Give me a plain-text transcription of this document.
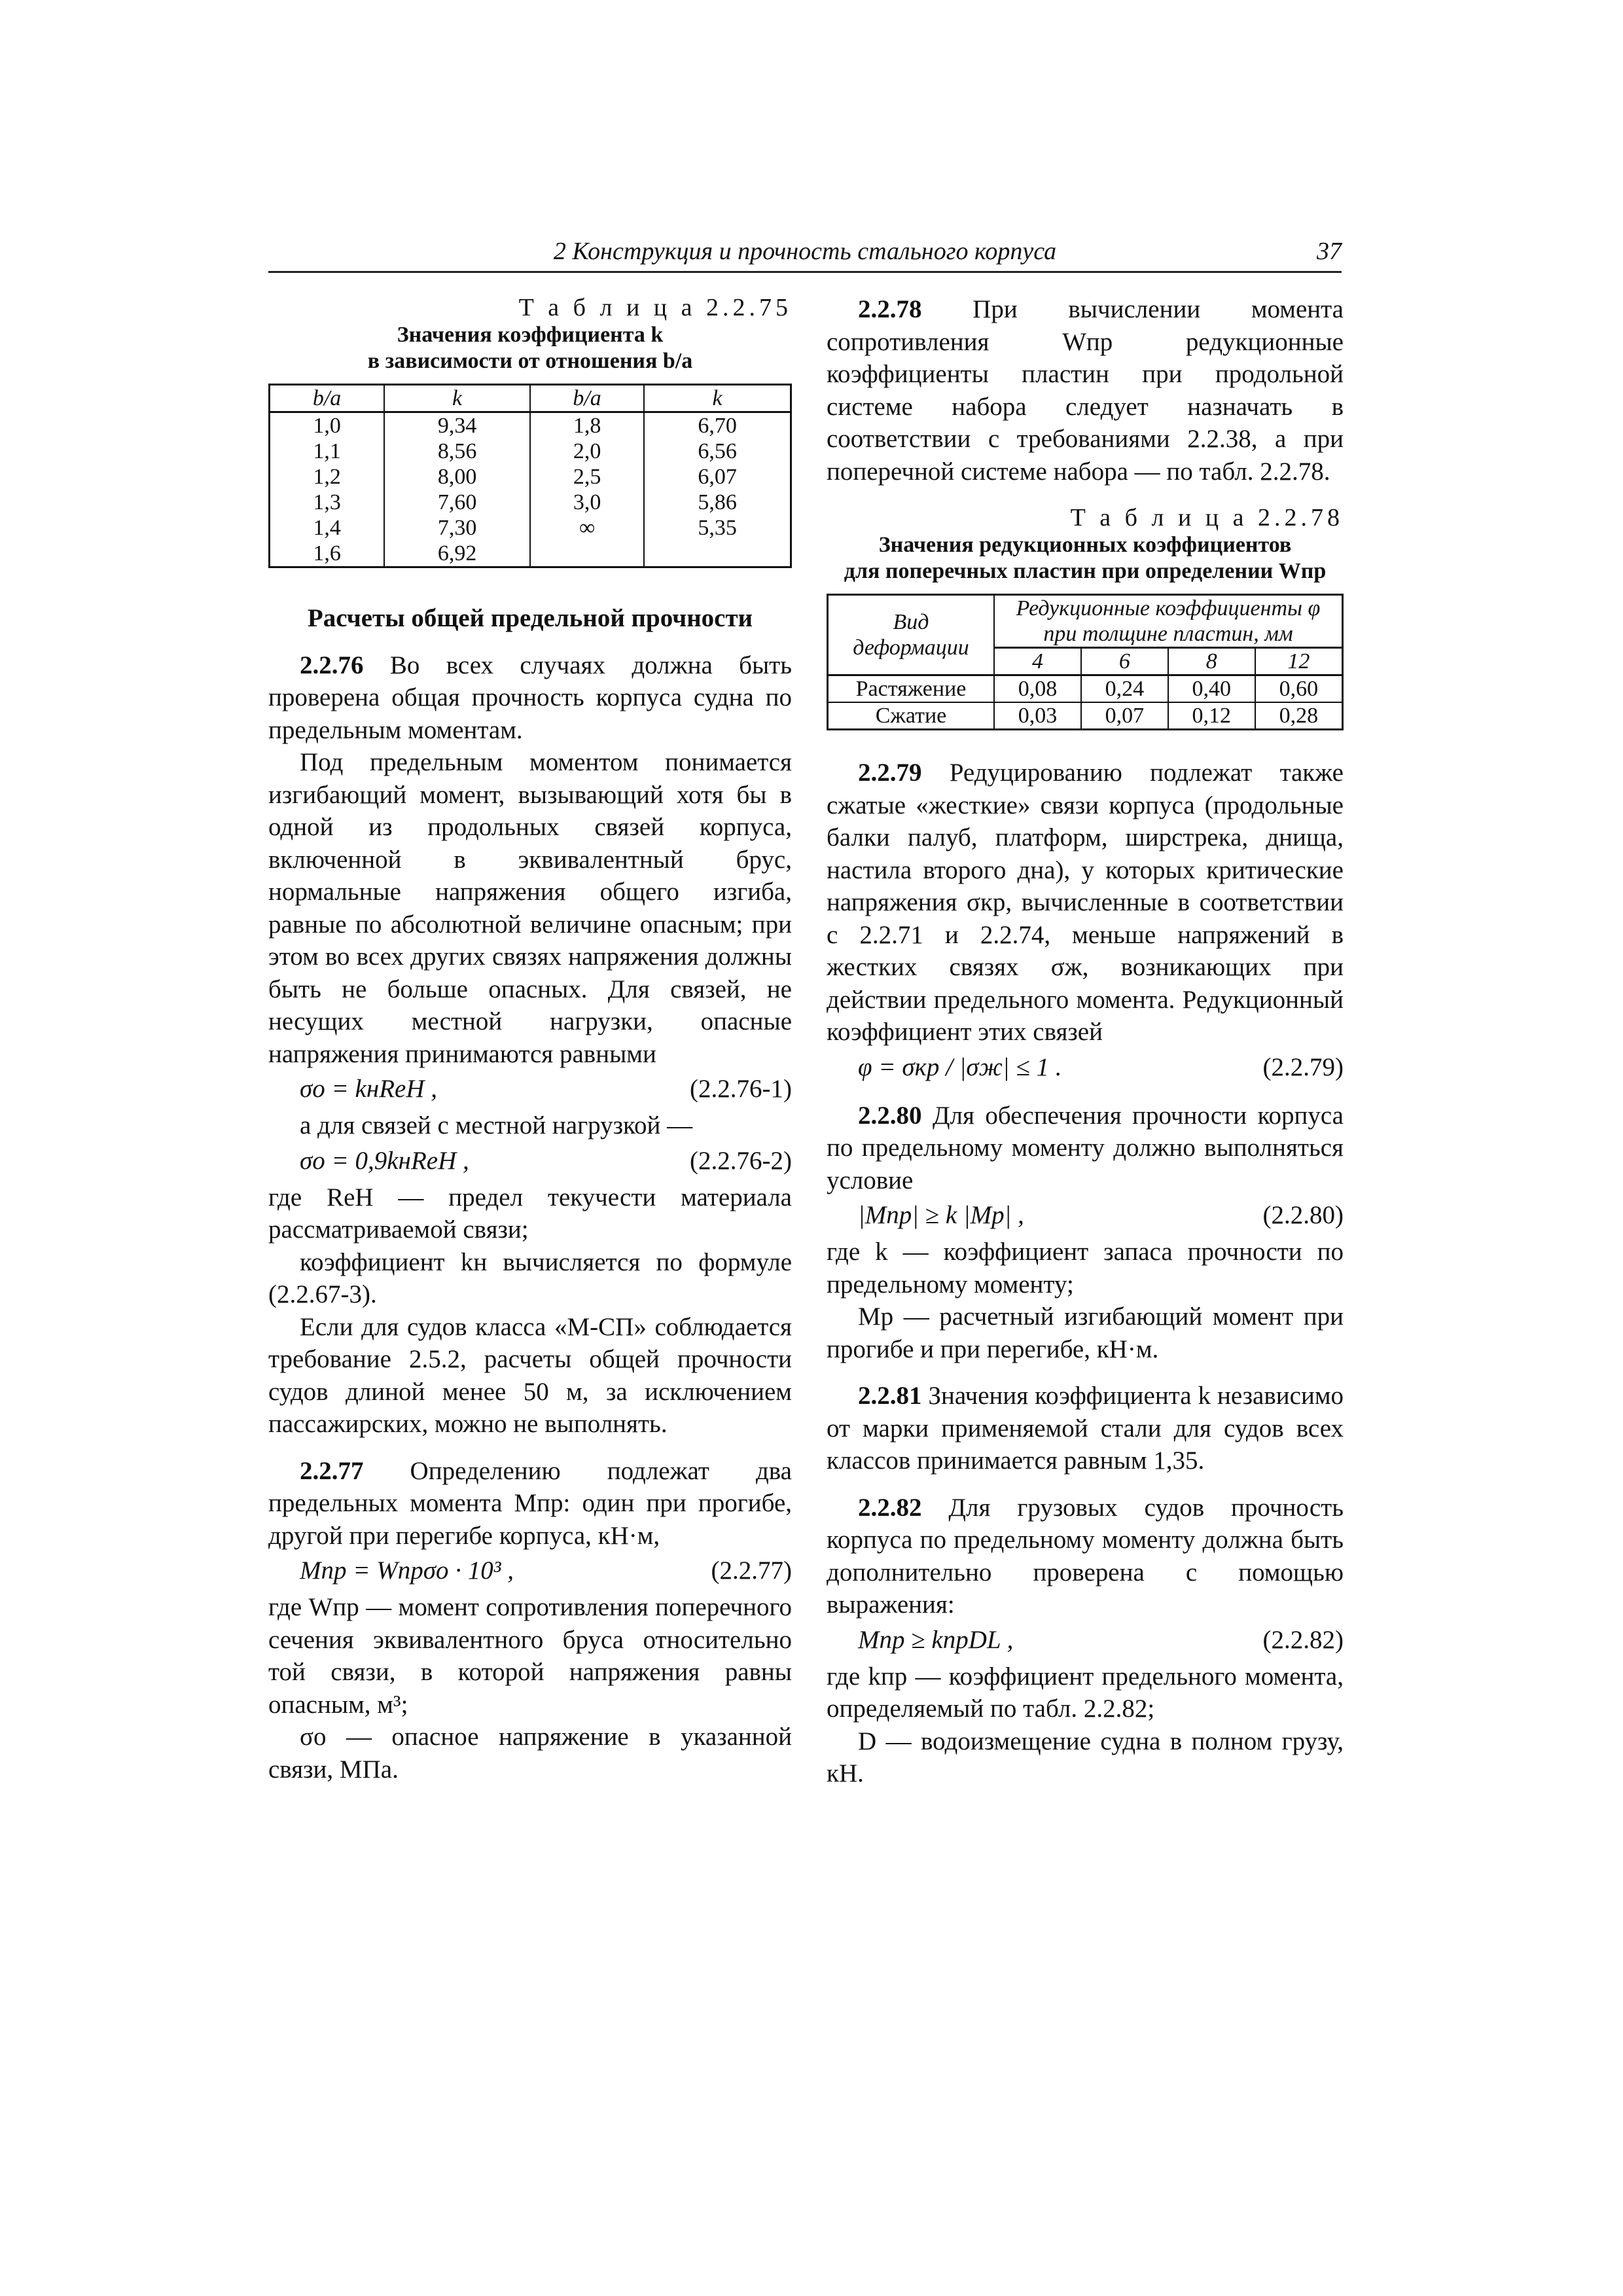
2 Конструкция и прочность стального корпуса	37
Т а б л и ц а 2.2.75
Значения коэффициента k
в зависимости от отношения b/a
b/a	k	b/a	k
1,0	9,34	1,8	6,70
1,1	8,56	2,0	6,56
1,2	8,00	2,5	6,07
1,3	7,60	3,0	5,86
1,4	7,30	∞	5,35
1,6	6,92		
Расчеты общей предельной прочности

2.2.76 Во всех случаях должна быть проверена общая прочность корпуса судна по предельным моментам.

Под предельным моментом понимается изгибающий момент, вызывающий хотя бы в одной из продольных связей корпуса, включенной в эквивалентный брус, нормальные напряжения общего изгиба, равные по абсолютной величине опасным; при этом во всех других связях напряжения должны быть не больше опасных. Для связей, не несущих местной нагрузки, опасные напряжения принимаются равными

σо = kнReH ,	(2.2.76-1)

а для связей с местной нагрузкой —

σо = 0,9kнReH ,	(2.2.76-2)

где ReH — предел текучести материала рассматриваемой связи;

коэффициент kн вычисляется по формуле (2.2.67-3).

Если для судов класса «М-СП» соблюдается требование 2.5.2, расчеты общей прочности судов длиной менее 50 м, за исключением пассажирских, можно не выполнять.

2.2.77 Определению подлежат два предельных момента Mпр: один при прогибе, другой при перегибе корпуса, кН·м,

Mпр = Wпрσо · 10³ ,	(2.2.77)

где Wпр — момент сопротивления поперечного сечения эквивалентного бруса относительно той связи, в которой напряжения равны опасным, м³;

σо — опасное напряжение в указанной связи, МПа.

2.2.78 При вычислении момента сопротивления Wпр редукционные коэффициенты пластин при продольной системе набора следует назначать в соответствии с требованиями 2.2.38, а при поперечной системе набора — по табл. 2.2.78.

Т а б л и ц а 2.2.78
Значения редукционных коэффициентов
для поперечных пластин при определении Wпр
Вид деформации	Редукционные коэффициенты φ при толщине пластин, мм			
	4	6	8	12
Растяжение	0,08	0,24	0,40	0,60
Сжатие	0,03	0,07	0,12	0,28

2.2.79 Редуцированию подлежат также сжатые «жесткие» связи корпуса (продольные балки палуб, платформ, ширстрека, днища, настила второго дна), у которых критические напряжения σкр, вычисленные в соответствии с 2.2.71 и 2.2.74, меньше напряжений в жестких связях σж, возникающих при действии предельного момента. Редукционный коэффициент этих связей

φ = σкр / |σж| ≤ 1 .	(2.2.79)

2.2.80 Для обеспечения прочности корпуса по предельному моменту должно выполняться условие

|Mпр| ≥ k |Mр| ,	(2.2.80)

где k — коэффициент запаса прочности по предельному моменту;

Mр — расчетный изгибающий момент при прогибе и при перегибе, кН·м.

2.2.81 Значения коэффициента k независимо от марки применяемой стали для судов всех классов принимается равным 1,35.

2.2.82 Для грузовых судов прочность корпуса по предельному моменту должна быть дополнительно проверена с помощью выражения:

Mпр ≥ kпрDL ,	(2.2.82)

где kпр — коэффициент предельного момента, определяемый по табл. 2.2.82;

D — водоизмещение судна в полном грузу, кН.
